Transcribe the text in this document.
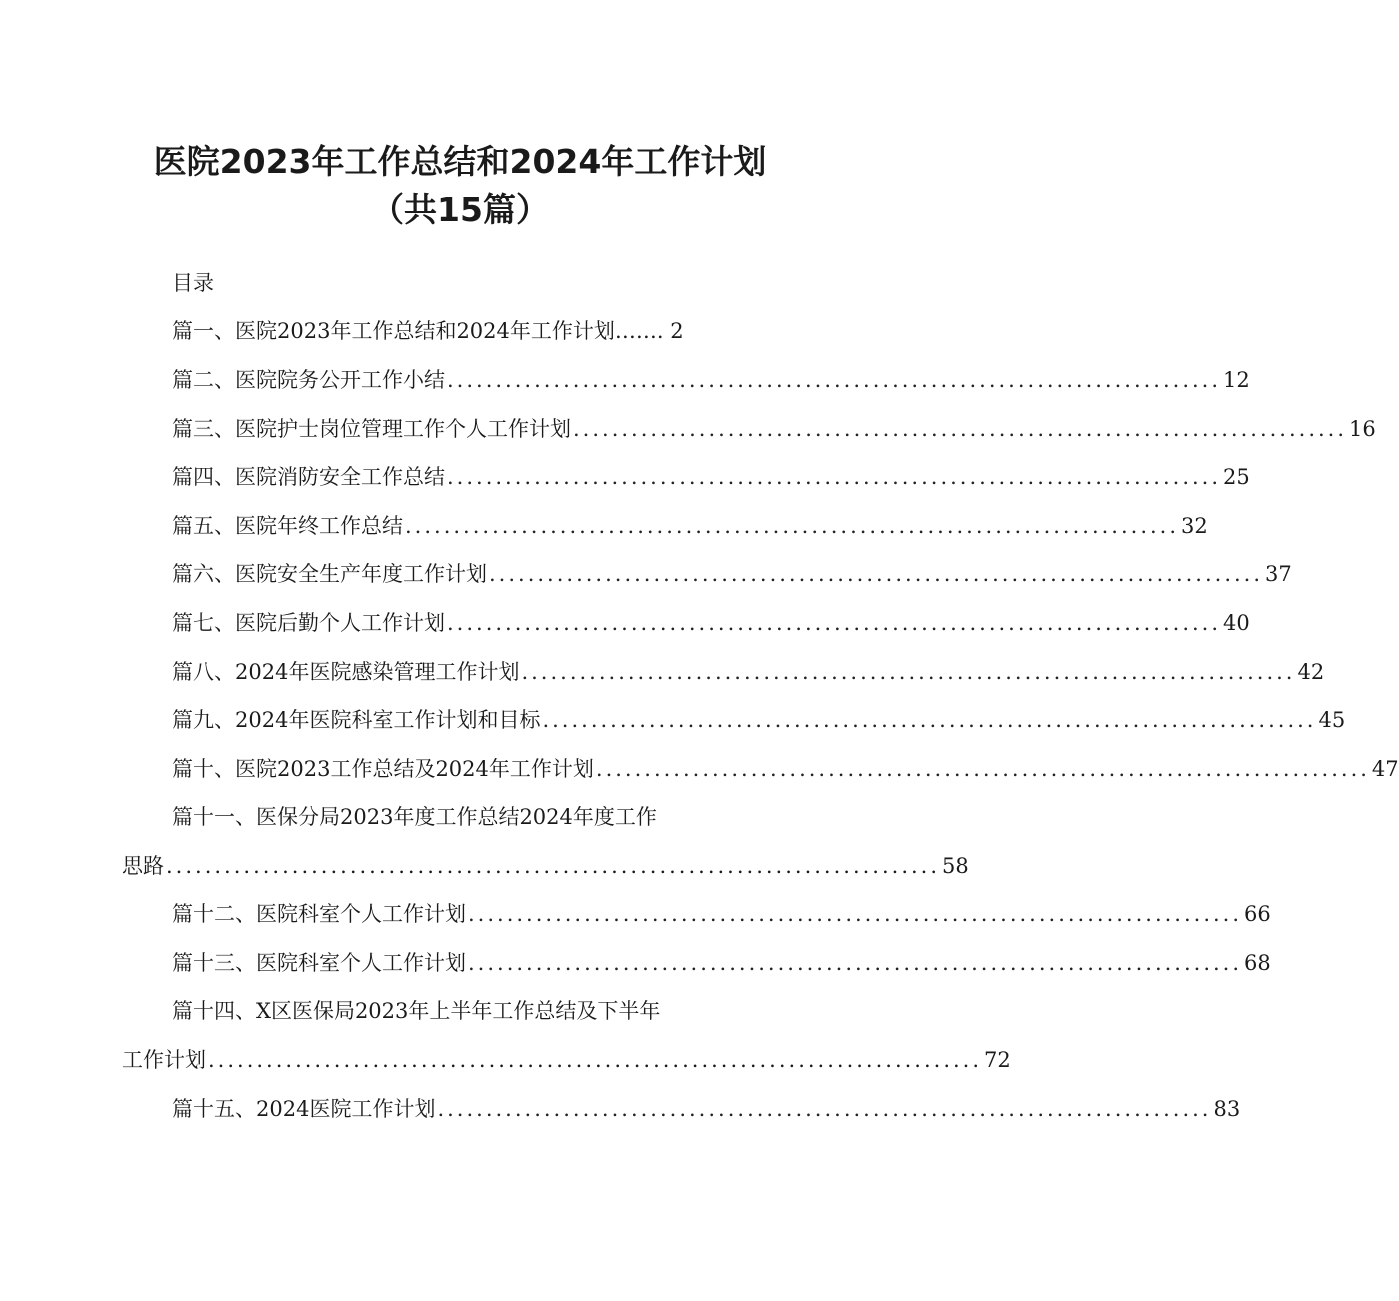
医院2023年工作总结和2024年工作计划
（共15篇）
目录
篇一、医院2023年工作总结和2024年工作计划……. 2
篇二、医院院务公开工作小结 ................................................................................ 12
篇三、医院护士岗位管理工作个人工作计划 ................................................................................ 16
篇四、医院消防安全工作总结 ................................................................................ 25
篇五、医院年终工作总结 ................................................................................ 32
篇六、医院安全生产年度工作计划 ................................................................................ 37
篇七、医院后勤个人工作计划 ................................................................................ 40
篇八、2024年医院感染管理工作计划 ................................................................................ 42
篇九、2024年医院科室工作计划和目标 ................................................................................ 45
篇十、医院2023工作总结及2024年工作计划 ................................................................................ 47
篇十一、医保分局2023年度工作总结2024年度工作
思路 ................................................................................ 58
篇十二、医院科室个人工作计划 ................................................................................ 66
篇十三、医院科室个人工作计划 ................................................................................ 68
篇十四、X区医保局2023年上半年工作总结及下半年
工作计划 ................................................................................ 72
篇十五、2024医院工作计划 ................................................................................ 83
